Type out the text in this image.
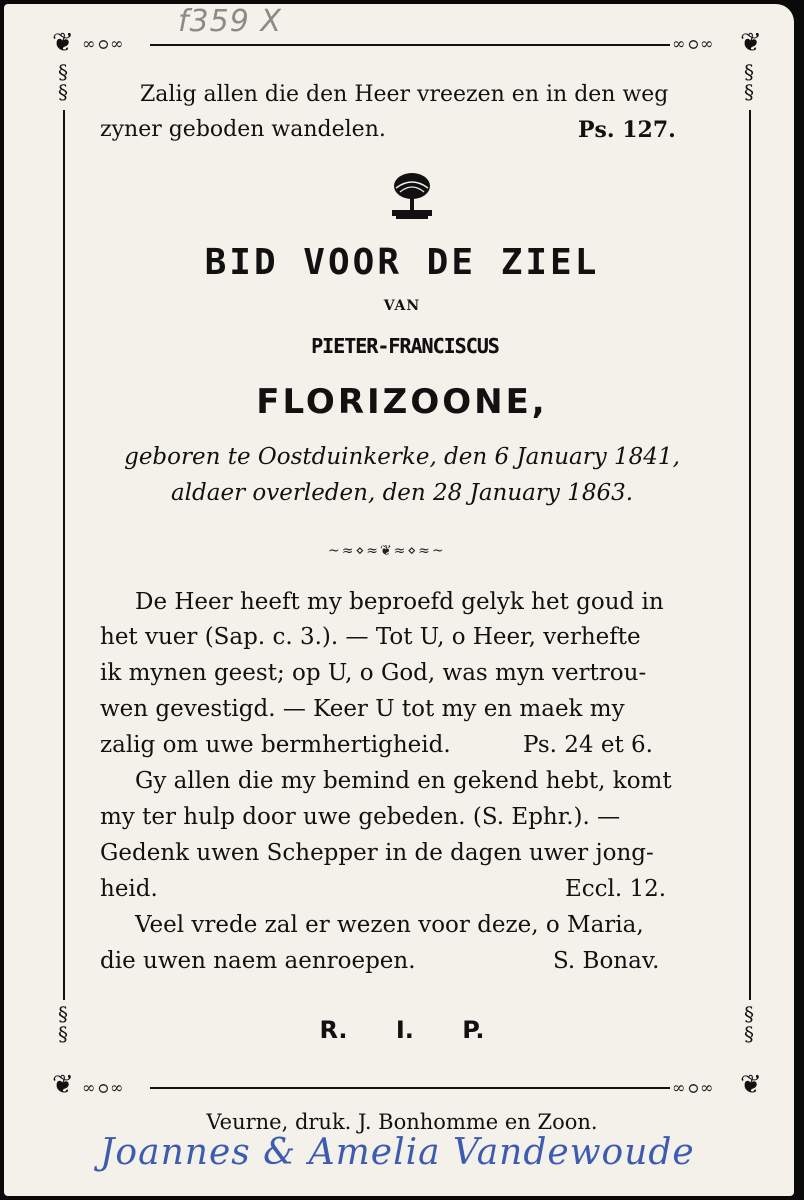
f359 X
❦ ∞ഠ∞	❦
∞ഠ∞
§
§
§
§
❦ ∞ഠ∞	❦
∞ഠ∞
§
§
§
§
Zalig allen die den Heer vreezen en in den weg
zyner geboden wandelen.	Ps. 127.
BID VOOR DE ZIEL
VAN
PIETER-FRANCISCUS
FLORIZOONE,
geboren te Oostduinkerke, den 6 January 1841,
aldaer overleden, den 28 January 1863.
~≈⋄≈❦≈⋄≈~
De Heer heeft my beproefd gelyk het goud in
het vuer (Sap. c. 3.). — Tot U, o Heer, verhefte
ik mynen geest; op U, o God, was myn vertrou-
wen gevestigd. — Keer U tot my en maek my
zalig om uwe bermhertigheid.	Ps. 24 et 6.
Gy allen die my bemind en gekend hebt, komt
my ter hulp door uwe gebeden. (S. Ephr.). —
Gedenk uwen Schepper in de dagen uwer jong-
heid.	Eccl. 12.
Veel vrede zal er wezen voor deze, o Maria,
die uwen naem aenroepen.	S. Bonav.
R. I. P.
Veurne, druk. J. Bonhomme en Zoon.
Joannes & Amelia Vandewoude
